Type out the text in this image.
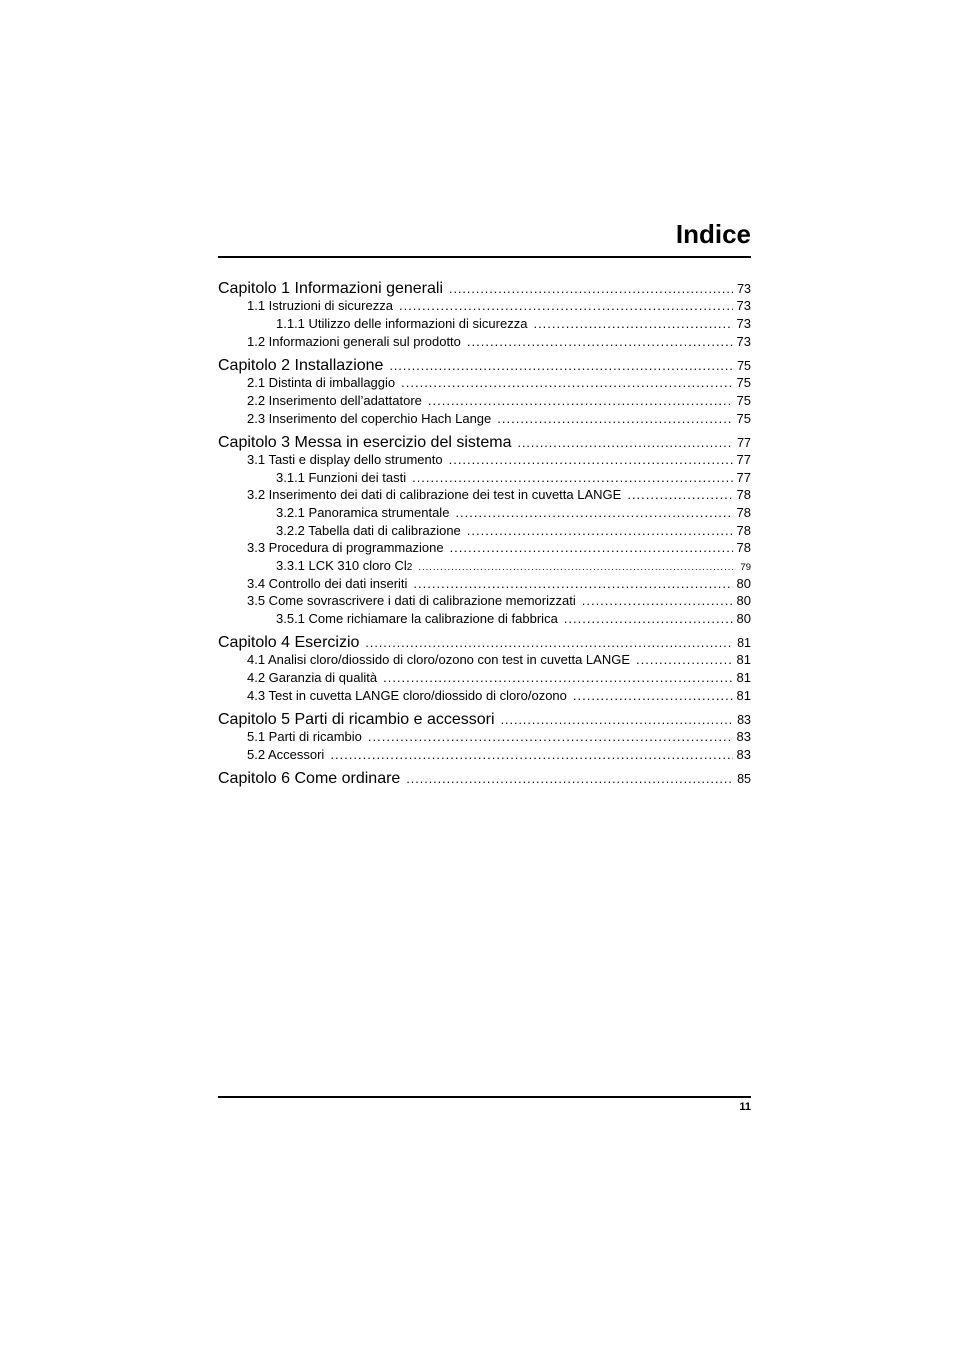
Indice
Capitolo 1 Informazioni generali .....	73
1.1 Istruzioni di sicurezza .....	73
1.1.1 Utilizzo delle informazioni di sicurezza .....	73
1.2 Informazioni generali sul prodotto .....	73
Capitolo 2 Installazione .....	75
2.1 Distinta di imballaggio .....	75
2.2 Inserimento dell’adattatore .....	75
2.3 Inserimento del coperchio Hach Lange .....	75
Capitolo 3 Messa in esercizio del sistema .....	77
3.1 Tasti e display dello strumento .....	77
3.1.1 Funzioni dei tasti .....	77
3.2 Inserimento dei dati di calibrazione dei test in cuvetta LANGE .....	78
3.2.1 Panoramica strumentale .....	78
3.2.2 Tabella dati di calibrazione .....	78
3.3 Procedura di programmazione .....	78
3.3.1 LCK 310 cloro Cl 2 .....	79
3.4 Controllo dei dati inseriti .....	80
3.5 Come sovrascrivere i dati di calibrazione memorizzati .....	80
3.5.1 Come richiamare la calibrazione di fabbrica .....	80
Capitolo 4 Esercizio .....	81
4.1 Analisi cloro/diossido di cloro/ozono con test in cuvetta LANGE .....	81
4.2 Garanzia di qualità .....	81
4.3 Test in cuvetta LANGE cloro/diossido di cloro/ozono .....	81
Capitolo 5 Parti di ricambio e accessori .....	83
5.1 Parti di ricambio .....	83
5.2 Accessori .....	83
Capitolo 6 Come ordinare .....	85
11
